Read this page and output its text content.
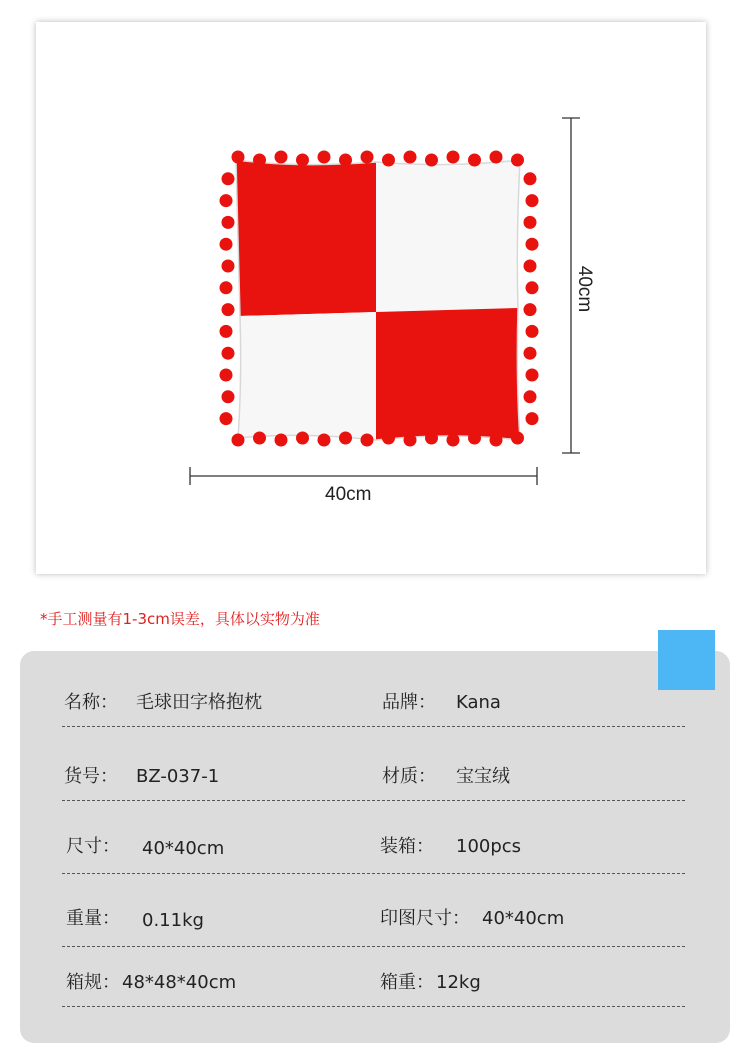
40cm
40cm
*手工测量有1-3cm误差，具体以实物为准
名称： 毛球田字格抱枕	品牌： Kana
货号： BZ-037-1	材质： 宝宝绒
尺寸： 40*40cm	装箱： 100pcs
重量： 0.11kg	印图尺寸： 40*40cm
箱规： 48*48*40cm	箱重： 12kg
